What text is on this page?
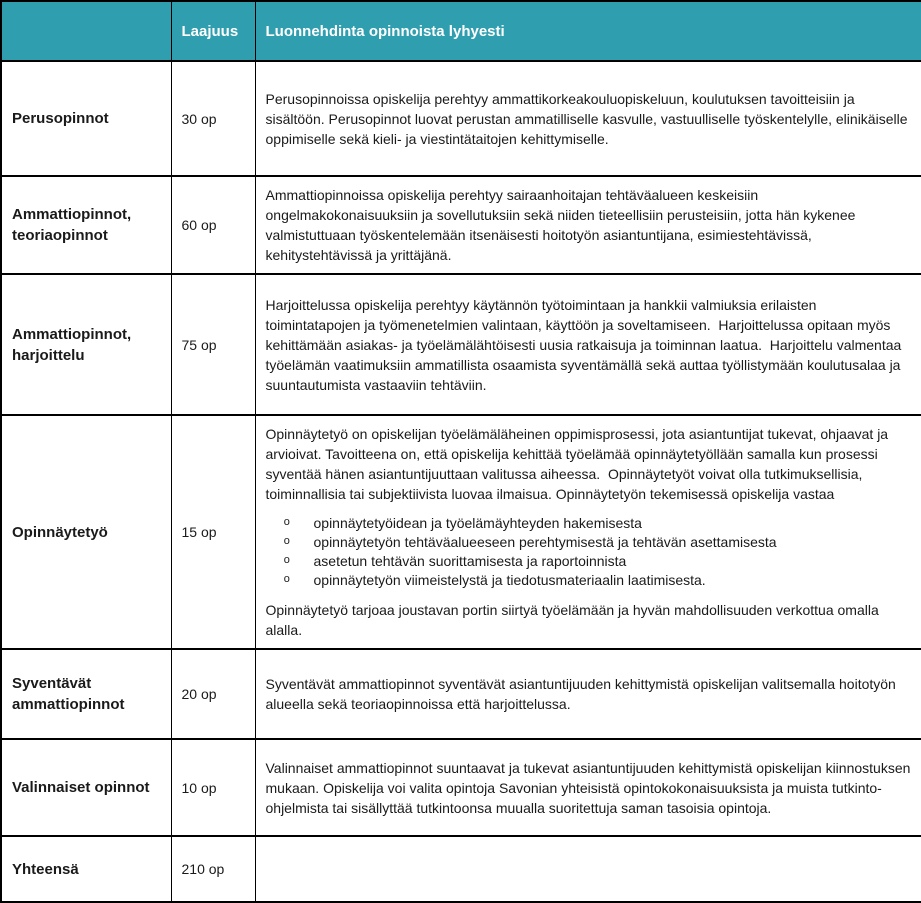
	Laajuus	Luonnehdinta opinnoista lyhyesti
Perusopinnot	30 op	Perusopinnoissa opiskelija perehtyy ammattikorkeakouluopiskeluun, koulutuksen tavoitteisiin ja sisältöön. Perusopinnot luovat perustan ammatilliselle kasvulle, vastuulliselle työskentelylle, elinikäiselle oppimiselle sekä kieli- ja viestintätaitojen kehittymiselle.

Ammattiopinnot, teoriaopinnot	60 op	Ammattiopinnoissa opiskelija perehtyy sairaanhoitajan tehtäväalueen keskeisiin ongelmakokonaisuuksiin ja sovellutuksiin sekä niiden tieteellisiin perusteisiin, jotta hän kykenee valmistuttuaan työskentelemään itsenäisesti hoitotyön asiantuntijana, esimiestehtävissä, kehitystehtävissä ja yrittäjänä.

Ammattiopinnot, harjoittelu	75 op	Harjoittelussa opiskelija perehtyy käytännön työtoimintaan ja hankkii valmiuksia erilaisten toimintatapojen ja työmenetelmien valintaan, käyttöön ja soveltamiseen.  Harjoittelussa opitaan myös kehittämään asiakas- ja työelämälähtöisesti uusia ratkaisuja ja toiminnan laatua.  Harjoittelu valmentaa työelämän vaatimuksiin ammatillista osaamista syventämällä sekä auttaa työllistymään koulutusalaa ja suuntautumista vastaaviin tehtäviin.

Opinnäytetyö	15 op	
Opinnäytetyö on opiskelijan työelämäläheinen oppimisprosessi, jota asiantuntijat tukevat, ohjaavat ja arvioivat. Tavoitteena on, että opiskelija kehittää työelämää opinnäytetyöllään samalla kun prosessi syventää hänen asiantuntijuuttaan valitussa aiheessa.  Opinnäytetyöt voivat olla tutkimuksellisia, toiminnallisia tai subjektiivista luovaa ilmaisua. Opinnäytetyön tekemisessä opiskelija vastaa
o	opinnäytetyöidean ja työelämäyhteyden hakemisesta
o	opinnäytetyön tehtäväalueeseen perehtymisestä ja tehtävän asettamisesta
o	asetetun tehtävän suorittamisesta ja raportoinnista
o	opinnäytetyön viimeistelystä ja tiedotusmateriaalin laatimisesta.
Opinnäytetyö tarjoaa joustavan portin siirtyä työelämään ja hyvän mahdollisuuden verkottua omalla alalla.

Syventävät ammattiopinnot	20 op	Syventävät ammattiopinnot syventävät asiantuntijuuden kehittymistä opiskelijan valitsemalla hoitotyön alueella sekä teoriaopinnoissa että harjoittelussa.

Valinnaiset opinnot	10 op	Valinnaiset ammattiopinnot suuntaavat ja tukevat asiantuntijuuden kehittymistä opiskelijan kiinnostuksen mukaan. Opiskelija voi valita opintoja Savonian yhteisistä opintokokonaisuuksista ja muista tutkinto-ohjelmista tai sisällyttää tutkintoonsa muualla suoritettuja saman tasoisia opintoja.

Yhteensä	210 op	
